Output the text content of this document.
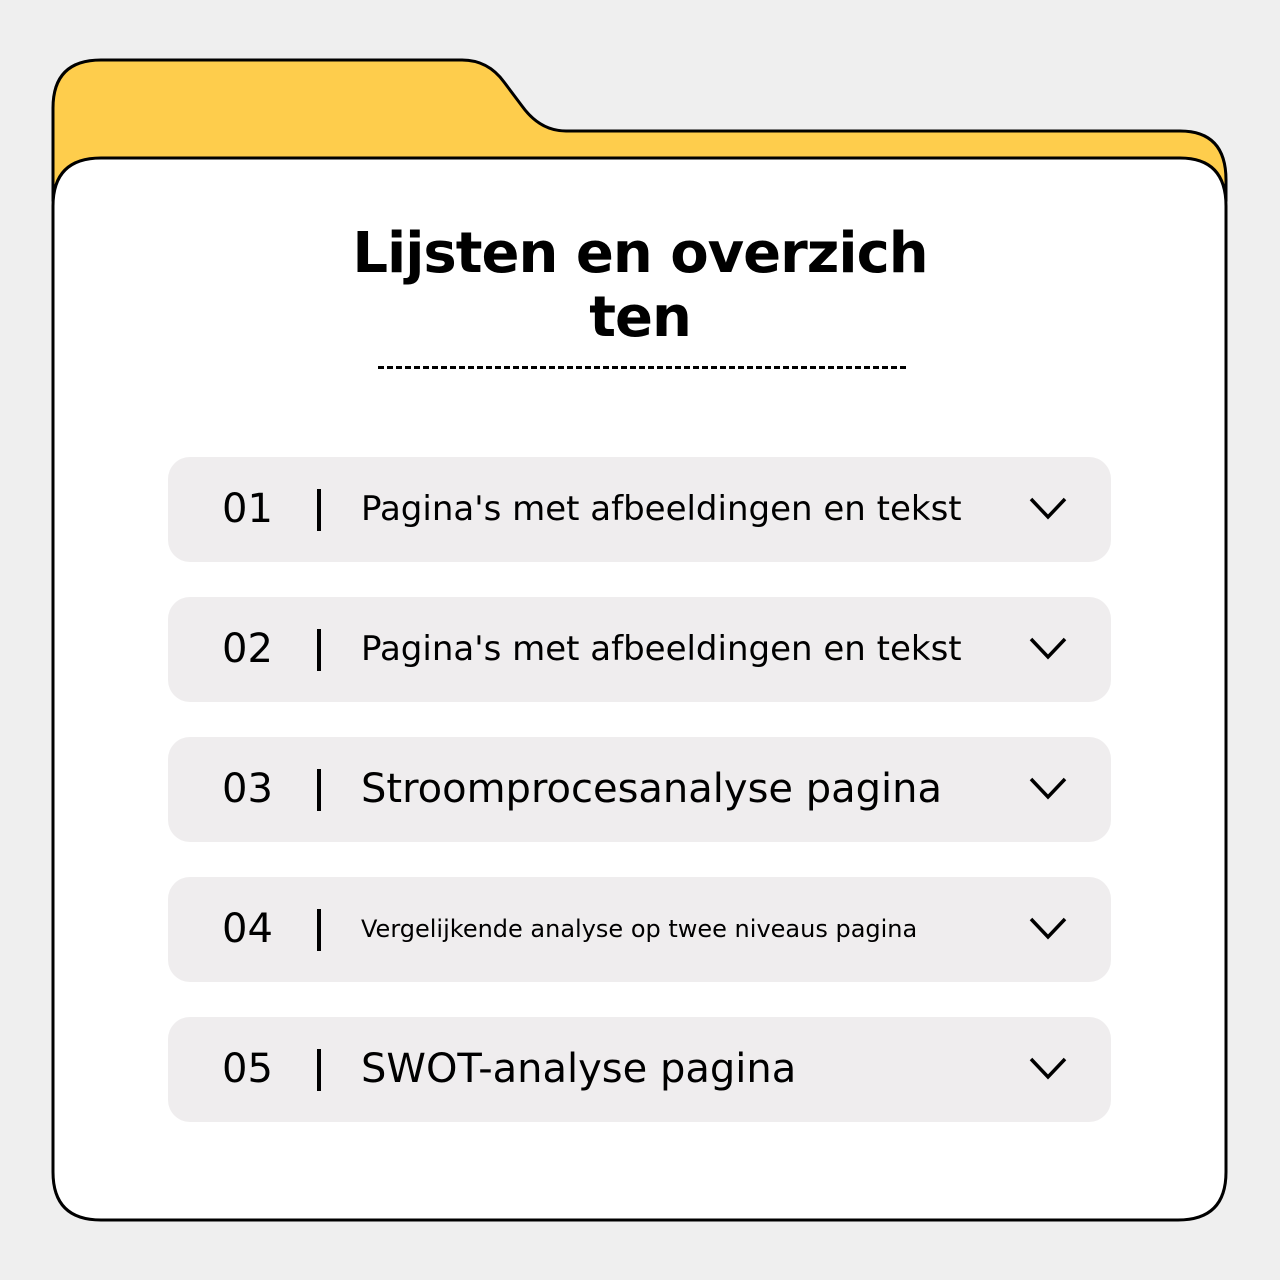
Lijsten en overzichten
01	Pagina's met afbeeldingen en tekst
02	Pagina's met afbeeldingen en tekst
03 Stroomprocesanalyse pagina
04	Vergelijkende analyse op twee niveaus pagina
05 SWOT-analyse pagina
